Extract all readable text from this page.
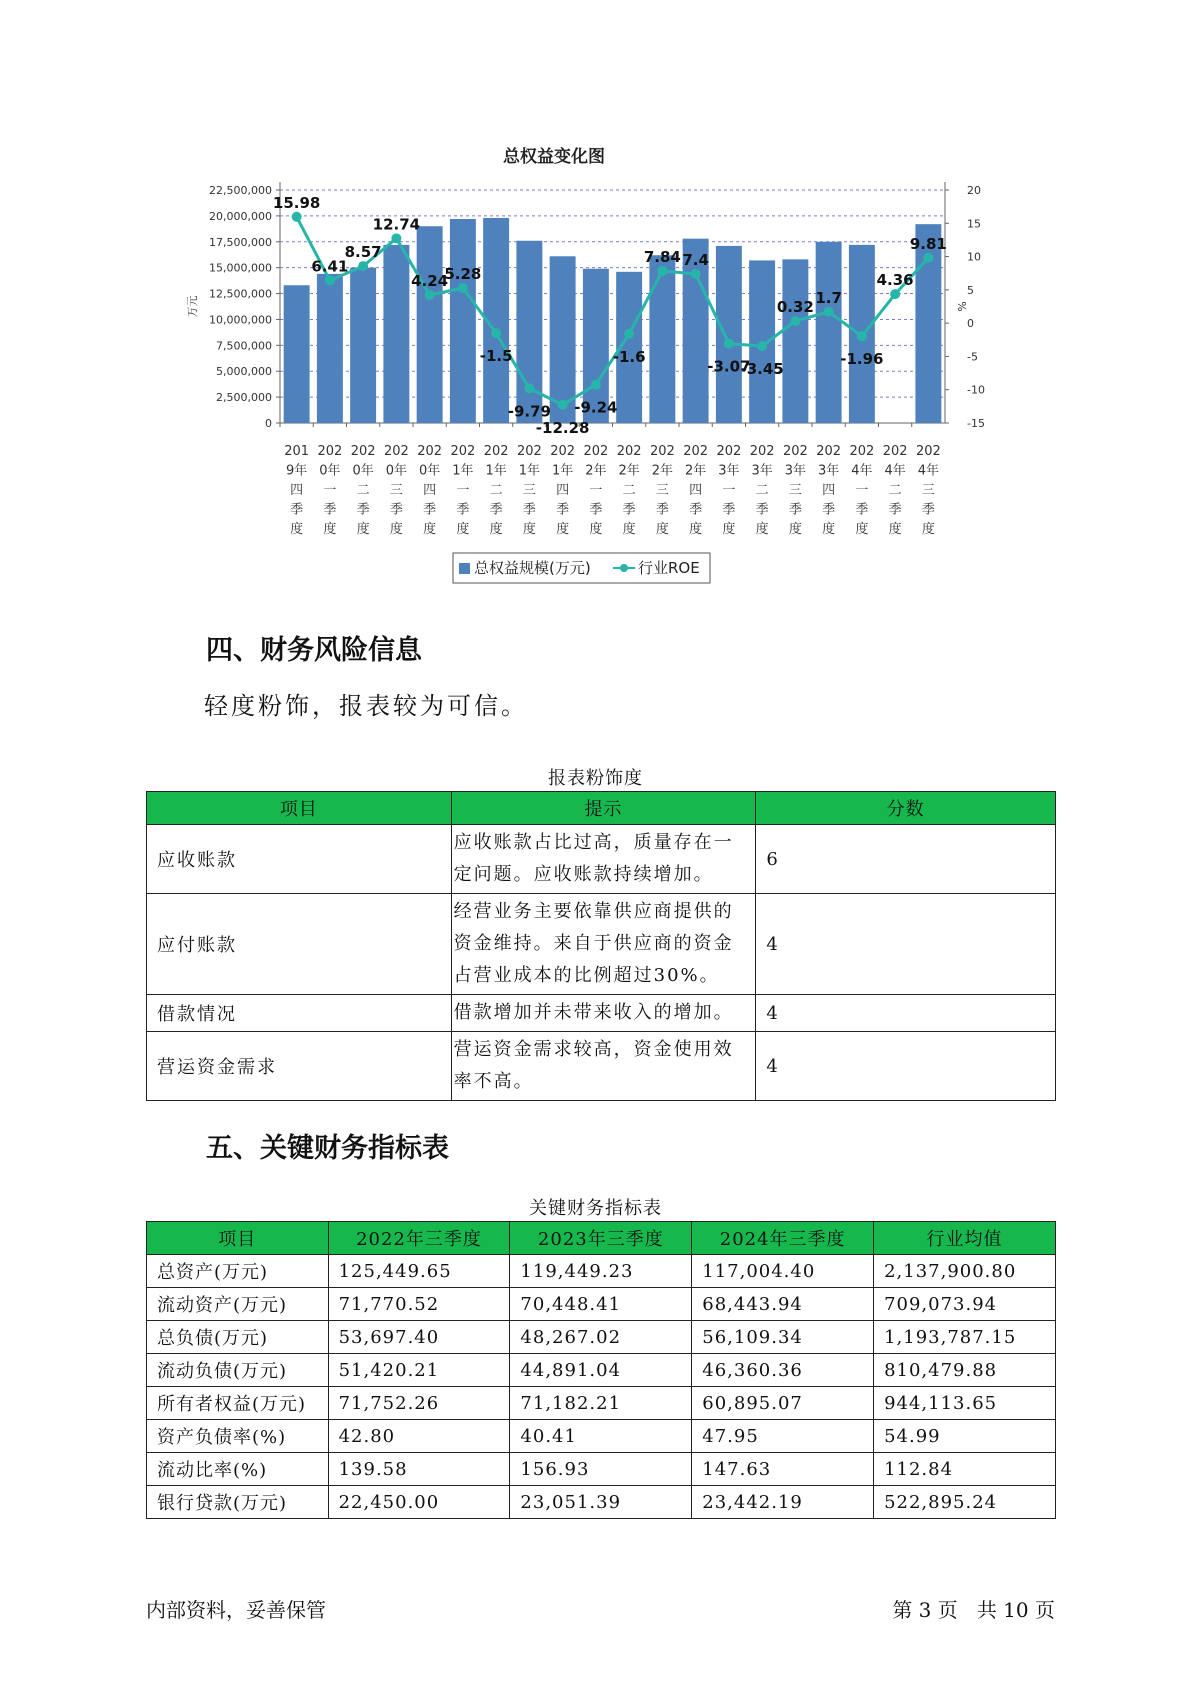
总权益变化图
22,500,000
20,000,000
17,500,000
15,000,000
12,500,000
10,000,000
7,500,000
5,000,000
2,500,000
0
20
15
10
5
0
-5
-10
-15
万元	%
201 9年四季度
202 0年一季度
202 0年二季度
202 0年三季度
202 0年四季度
202 1年一季度
202 1年二季度
202 1年三季度
202 1年四季度
202 2年一季度
202 2年二季度
202 2年三季度
202 2年四季度
202 3年一季度
202 3年二季度
202 3年三季度
202 3年四季度
202 4年一季度
202 4年二季度
202 4年三季度
15.98
6.41
8.57
12.74
4.24
5.28
-1.5
-9.79
-12.28
-9.24
-1.6
7.84 7.4
-3.07
-3.45
0.32
1.7
-1.96
4.36
9.81
总权益规模(万元)	行业ROE
四、财务风险信息
轻度粉饰，报表较为可信。
报表粉饰度
项目	提示	分数
应收账款	应收账款占比过高，质量存在一定问题。应收账款持续增加。	6
应付账款	经营业务主要依靠供应商提供的资金维持。来自于供应商的资金占营业成本的比例超过30%。	4
借款情况	借款增加并未带来收入的增加。	4
营运资金需求	营运资金需求较高，资金使用效率不高。	4
五、关键财务指标表
关键财务指标表
项目	2022年三季度	2023年三季度	2024年三季度	行业均值
总资产(万元)	125,449.65	119,449.23	117,004.40	2,137,900.80
流动资产(万元)	71,770.52	70,448.41	68,443.94	709,073.94
总负债(万元)	53,697.40	48,267.02	56,109.34	1,193,787.15
流动负债(万元)	51,420.21	44,891.04	46,360.36	810,479.88
所有者权益(万元)	71,752.26	71,182.21	60,895.07	944,113.65
资产负债率(%)	42.80	40.41	47.95	54.99
流动比率(%)	139.58	156.93	147.63	112.84
银行贷款(万元)	22,450.00	23,051.39	23,442.19	522,895.24
内部资料，妥善保管	第 3 页   共 10 页
